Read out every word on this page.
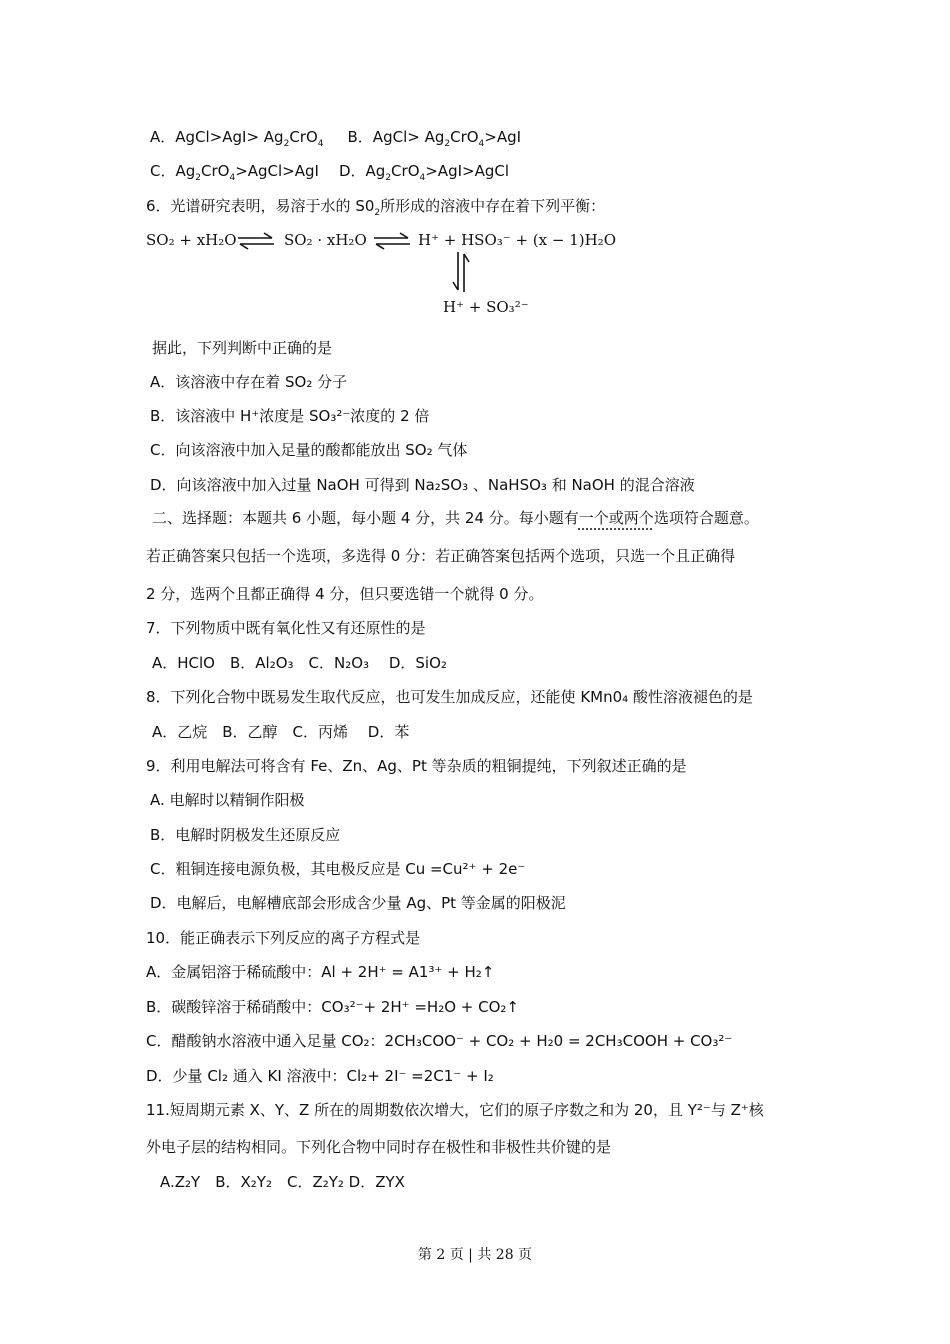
A．AgCl>AgI> $Ag_2CrO_4$ B．AgCl> $Ag_2CrO_4>AgI$
C．$Ag_2CrO_4>AgCl>AgI$ D．$Ag_2CrO_4>AgI>AgCl$
6．光谱研究表明，易溶于水的 $S0_2$所形成的溶液中存在着下列平衡：
SO₂ + xH₂O ⇌ SO₂ · xH₂O ⇌ H⁺ + HSO₃⁻ + (x − 1)H₂O
H⁺ + SO₃²⁻
据此，下列判断中正确的是
A．该溶液中存在着 SO₂ 分子
B．该溶液中 H⁺浓度是 SO₃²⁻浓度的 2 倍
C．向该溶液中加入足量的酸都能放出 SO₂ 气体
D．向该溶液中加入过量 NaOH 可得到 Na₂SO₃ 、NaHSO₃ 和 NaOH 的混合溶液
二、选择题：本题共 6 小题，每小题 4 分，共 24 分。每小题有一个或两个选项符合题意。
若正确答案只包括一个选项，多选得 0 分：若正确答案包括两个选项，只选一个且正确得
2 分，选两个且都正确得 4 分，但只要选错一个就得 0 分。
7．下列物质中既有氧化性又有还原性的是
A．HClO　B．Al₂O₃　C．N₂O₃　 D．SiO₂
8．下列化合物中既易发生取代反应，也可发生加成反应，还能使 KMn0₄ 酸性溶液褪色的是
A．乙烷　B．乙醇　C．丙烯　 D．苯
9．利用电解法可将含有 Fe、Zn、Ag、Pt 等杂质的粗铜提纯，下列叙述正确的是
A. 电解时以精铜作阳极
B．电解时阴极发生还原反应
C．粗铜连接电源负极，其电极反应是 Cu =Cu²⁺ + 2e⁻
D．电解后，电解槽底部会形成含少量 Ag、Pt 等金属的阳极泥
10．能正确表示下列反应的离子方程式是
A．金属铝溶于稀硫酸中：Al + 2H⁺ = A1³⁺ + H₂↑
B．碳酸锌溶于稀硝酸中：CO₃²⁻+ 2H⁺ =H₂O + CO₂↑
C．醋酸钠水溶液中通入足量 CO₂：2CH₃COO⁻ + CO₂ + H₂0 = 2CH₃COOH + CO₃²⁻
D．少量 Cl₂ 通入 KI 溶液中：Cl₂+ 2I⁻ =2C1⁻ + I₂
11.短周期元素 X、Y、Z 所在的周期数依次增大，它们的原子序数之和为 20，且 Y²⁻与 Z⁺核
外电子层的结构相同。下列化合物中同时存在极性和非极性共价键的是
A.Z₂Y　B．X₂Y₂　C．Z₂Y₂ D．ZYX
第 2 页 | 共 28 页
